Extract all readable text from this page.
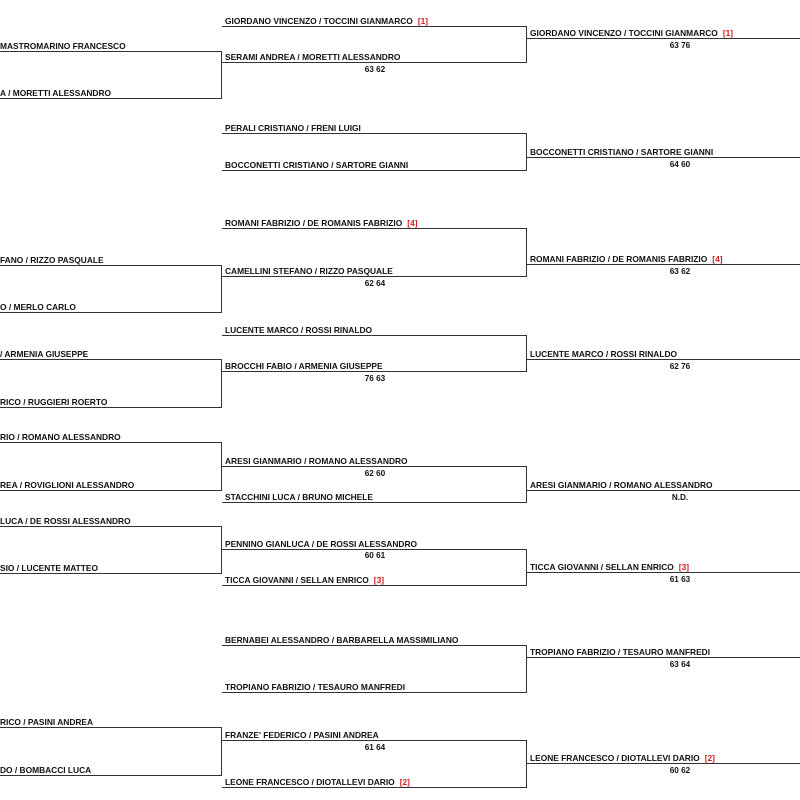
MASTROMARINO FRANCESCO
A / MORETTI ALESSANDRO
FANO / RIZZO PASQUALE
O / MERLO CARLO
/ ARMENIA GIUSEPPE
RICO / RUGGIERI ROERTO
RIO / ROMANO ALESSANDRO
REA / ROVIGLIONI ALESSANDRO
LUCA / DE ROSSI ALESSANDRO
SIO / LUCENTE MATTEO
RICO / PASINI ANDREA
DO / BOMBACCI LUCA
GIORDANO VINCENZO / TOCCINI GIANMARCO [1]
SERAMI ANDREA / MORETTI ALESSANDRO
PERALI CRISTIANO / FRENI LUIGI
BOCCONETTI CRISTIANO / SARTORE GIANNI
ROMANI FABRIZIO / DE ROMANIS FABRIZIO [4]
CAMELLINI STEFANO / RIZZO PASQUALE
LUCENTE MARCO / ROSSI RINALDO
BROCCHI FABIO / ARMENIA GIUSEPPE
ARESI GIANMARIO / ROMANO ALESSANDRO
STACCHINI LUCA / BRUNO MICHELE
PENNINO GIANLUCA / DE ROSSI ALESSANDRO
TICCA GIOVANNI / SELLAN ENRICO [3]
BERNABEI ALESSANDRO / BARBARELLA MASSIMILIANO
TROPIANO FABRIZIO / TESAURO MANFREDI
FRANZE' FEDERICO / PASINI ANDREA
LEONE FRANCESCO / DIOTALLEVI DARIO [2]
63 62
62 64
76 63
62 60
60 61
61 64
GIORDANO VINCENZO / TOCCINI GIANMARCO [1]
BOCCONETTI CRISTIANO / SARTORE GIANNI
ROMANI FABRIZIO / DE ROMANIS FABRIZIO [4]
LUCENTE MARCO / ROSSI RINALDO
ARESI GIANMARIO / ROMANO ALESSANDRO
TICCA GIOVANNI / SELLAN ENRICO [3]
TROPIANO FABRIZIO / TESAURO MANFREDI
LEONE FRANCESCO / DIOTALLEVI DARIO [2]
63 76
64 60
63 62
62 76
N.D.
61 63
63 64
60 62
